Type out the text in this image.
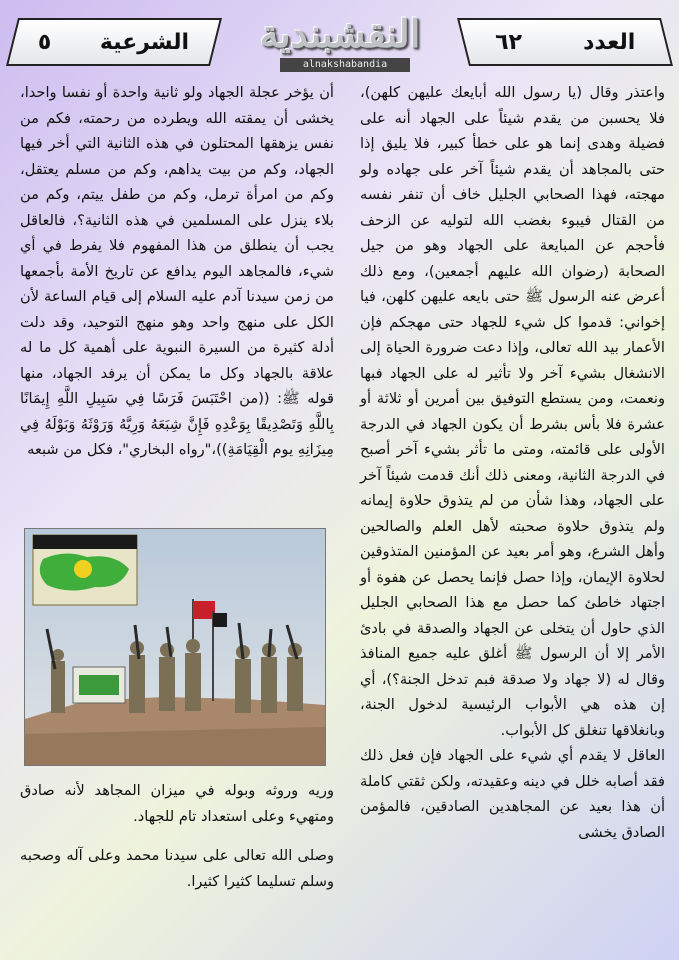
الشرعية
٥	النقشبندية
alnakshabandia
العدد
٦٢

واعتذر وقال (يا رسول الله أبايعك عليهن كلهن)، فلا يحسبن من يقدم شيئاً على الجهاد أنه على فضيلة وهدى إنما هو على خطأ كبير، فلا يليق إذا حتى بالمجاهد أن يقدم شيئاً آخر على جهاده ولو مهجته، فهذا الصحابي الجليل خاف أن تنفر نفسه من القتال فيبوء بغضب الله لتوليه عن الزحف فأحجم عن المبايعة على الجهاد وهو من جيل الصحابة (رضوان الله عليهم أجمعين)، ومع ذلك أعرض عنه الرسول ﷺ حتى بايعه عليهن كلهن، فيا إخواني: قدموا كل شيء للجهاد حتى مهجكم فإن الأعمار بيد الله تعالى، وإذا دعت ضرورة الحياة إلى الانشغال بشيء آخر ولا تأثير له على الجهاد فبها ونعمت، ومن يستطع التوفيق بين أمرين أو ثلاثة أو عشرة فلا بأس بشرط أن يكون الجهاد في الدرجة الأولى على قائمته، ومتى ما تأثر بشيء آخر أصبح في الدرجة الثانية، ومعنى ذلك أنك قدمت شيئاً آخر على الجهاد، وهذا شأن من لم يتذوق حلاوة إيمانه ولم يتذوق حلاوة صحبته لأهل العلم والصالحين وأهل الشرع، وهو أمر بعيد عن المؤمنين المتذوقين لحلاوة الإيمان، وإذا حصل فإنما يحصل عن هفوة أو اجتهاد خاطئ كما حصل مع هذا الصحابي الجليل الذي حاول أن يتخلى عن الجهاد والصدقة في بادئ الأمر إلا أن الرسول ﷺ أغلق عليه جميع المنافذ وقال له (لا جهاد ولا صدقة فبم تدخل الجنة؟)، أي إن هذه هي الأبواب الرئيسية لدخول الجنة، وبانغلاقها تنغلق كل الأبواب.

العاقل لا يقدم أي شيء على الجهاد فإن فعل ذلك فقد أصابه خلل في دينه وعقيدته، ولكن ثقتي كاملة أن هذا بعيد عن المجاهدين الصادقين، فالمؤمن الصادق يخشى

أن يؤخر عجلة الجهاد ولو ثانية واحدة أو نفسا واحدا، يخشى أن يمقته الله ويطرده من رحمته، فكم من نفس يزهقها المحتلون في هذه الثانية التي أخر فيها الجهاد، وكم من بيت يداهم، وكم من مسلم يعتقل، وكم من امرأة ترمل، وكم من طفل ييتم، وكم من بلاء ينزل على المسلمين في هذه الثانية؟، فالعاقل يجب أن ينطلق من هذا المفهوم فلا يفرط في أي شيء، فالمجاهد اليوم يدافع عن تاريخ الأمة بأجمعها من زمن سيدنا آدم عليه السلام إلى قيام الساعة لأن الكل على منهج واحد وهو منهج التوحيد، وقد دلت أدلة كثيرة من السيرة النبوية على أهمية كل ما له علاقة بالجهاد وكل ما يمكن أن يرفد الجهاد، منها قوله ﷺ: ((من احْتَبَسَ فَرَسًا فِي سَبِيلِ اللَّهِ إِيمَانًا بِاللَّهِ وَتَصْدِيقًا بِوَعْدِهِ فَإِنَّ شِبَعَهُ وَرِيَّهُ وَرَوْثَهُ وَبَوْلَهُ فِي مِيزَانِهِ يوم الْقِيَامَةِ))،"رواه البخاري"، فكل من شبعه

وريه وروثه وبوله في ميزان المجاهد لأنه صادق ومتهيء وعلى استعداد تام للجهاد.

وصلى الله تعالى على سيدنا محمد وعلى آله وصحبه وسلم تسليما كثيرا كثيرا.
